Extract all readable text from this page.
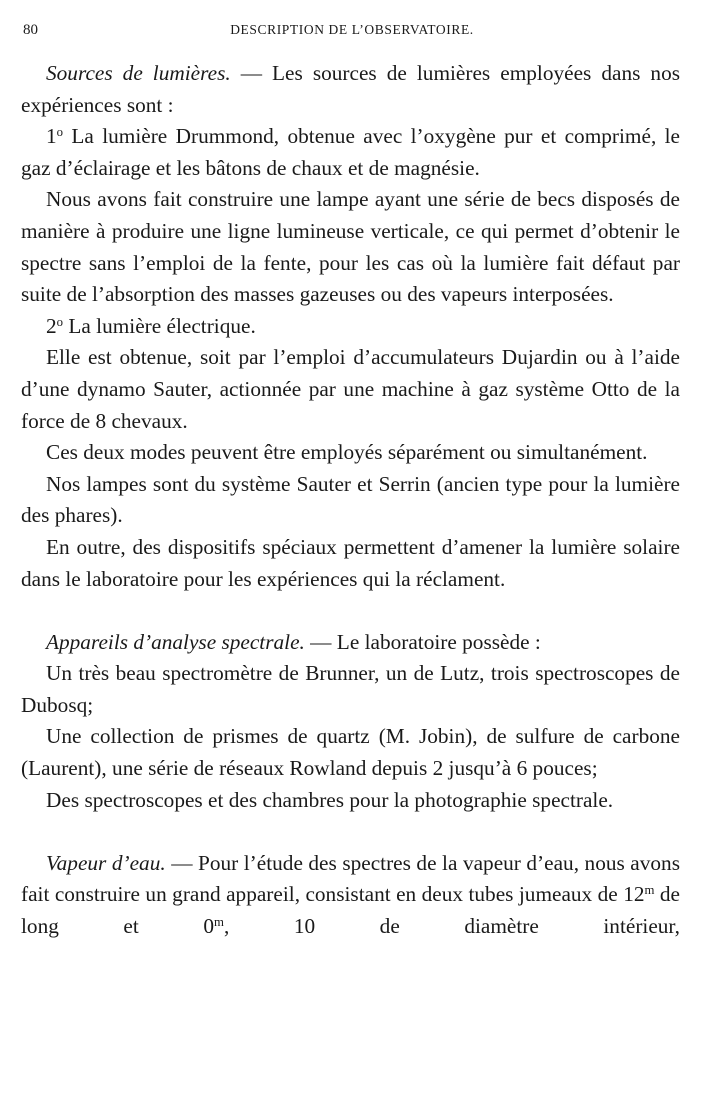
80	DESCRIPTION DE L’OBSERVATOIRE.

Sources de lumières. — Les sources de lumières employées dans nos expériences sont :

1$^o$ La lumière Drummond, obtenue avec l’oxygène pur et comprimé, le gaz d’éclairage et les bâtons de chaux et de magnésie.

Nous avons fait construire une lampe ayant une série de becs disposés de manière à produire une ligne lumineuse verticale, ce qui permet d’obtenir le spectre sans l’emploi de la fente, pour les cas où la lumière fait défaut par suite de l’absorption des masses gazeuses ou des vapeurs interposées.

2$^o$ La lumière électrique.

Elle est obtenue, soit par l’emploi d’accumulateurs Dujardin ou à l’aide d’une dynamo Sauter, actionnée par une machine à gaz système Otto de la force de 8 chevaux.

Ces deux modes peuvent être employés séparément ou simultanément.

Nos lampes sont du système Sauter et Serrin (ancien type pour la lumière des phares).

En outre, des dispositifs spéciaux permettent d’amener la lumière solaire dans le laboratoire pour les expériences qui la réclament.

Appareils d’analyse spectrale. — Le laboratoire possède :

Un très beau spectromètre de Brunner, un de Lutz, trois spectroscopes de Dubosq;

Une collection de prismes de quartz (M. Jobin), de sulfure de carbone (Laurent), une série de réseaux Rowland depuis 2 jusqu’à 6 pouces;

Des spectroscopes et des chambres pour la photographie spectrale.

Vapeur d’eau. — Pour l’étude des spectres de la vapeur d’eau, nous avons fait construire un grand appareil, consistant en deux tubes jumeaux de 12$^m$ de long et 0$^m$, 10 de diamètre intérieur,
